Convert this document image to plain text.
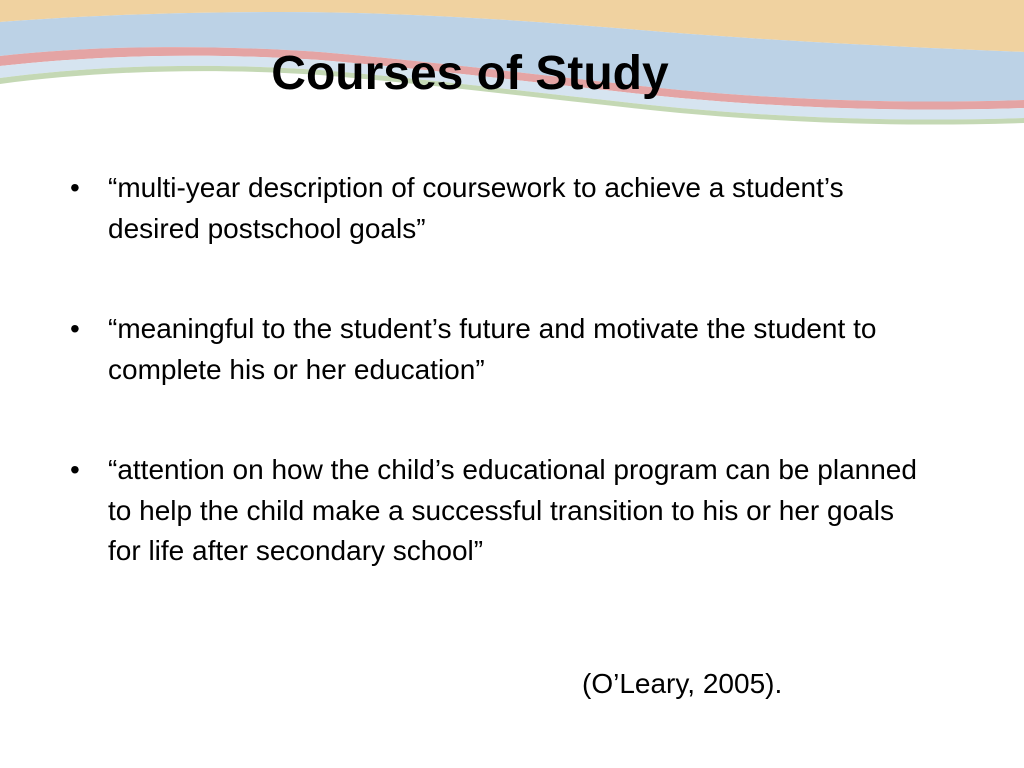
Courses of Study
•	“multi-year description of coursework to achieve a student’s desired postschool goals”
•	“meaningful to the student’s future and motivate the student to complete his or her education”
•	“attention on how the child’s educational program can be planned to help the child make a successful transition to his or her goals for life after secondary school”

(O’Leary, 2005).
